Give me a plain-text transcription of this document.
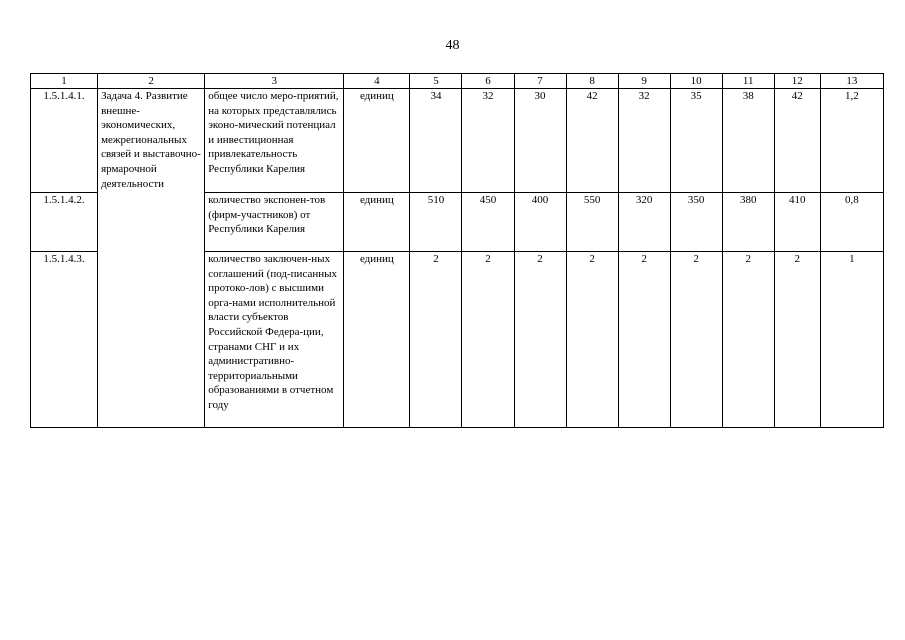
48
1	2	3	4	5	6	7	8	9	10	11	12	13
1.5.1.4.1.	Задача 4. Развитие внешне-экономических, межрегиональных связей и выставочно-ярмарочной деятельности	общее число меро-приятий, на которых представлялись эконо-мический потенциал и инвестиционная привлекательность Республики Карелия	единиц	34	32	30	42	32	35	38	42	1,2
1.5.1.4.2.		количество экспонен-тов (фирм-участников) от Республики Карелия	единиц	510	450	400	550	320	350	380	410	0,8
1.5.1.4.3.		количество заключен-ных соглашений (под-писанных протоко-лов) с высшими орга-нами исполнительной власти субъектов Российской Федера-ции, странами СНГ и их административно-территориальными образованиями в отчетном году	единиц	2	2	2	2	2	2	2	2	1
